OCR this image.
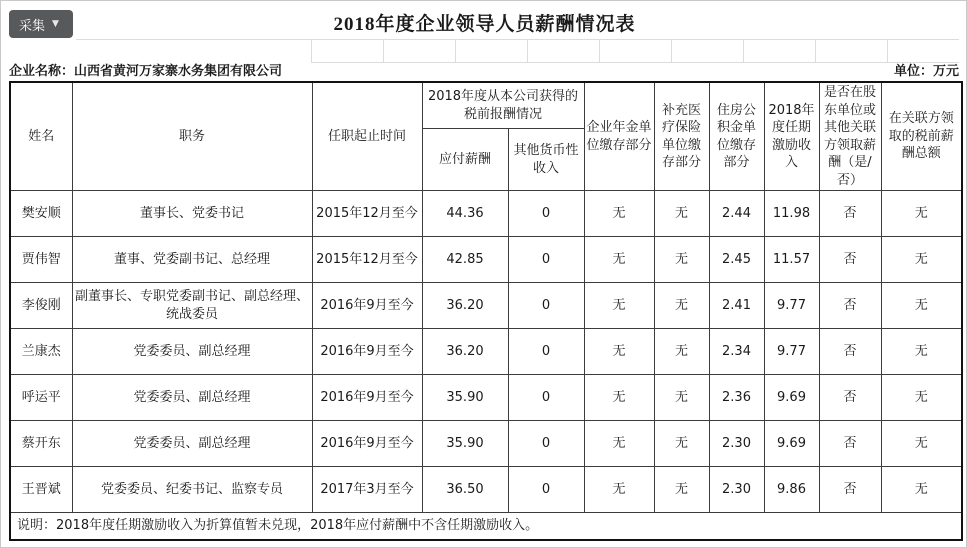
2018年度企业领导人员薪酬情况表
采集 ▼
企业名称：山西省黄河万家寨水务集团有限公司	单位：万元
姓名	职务	任职起止时间	2018年度从本公司获得的税前报酬情况		企业年金单位缴存部分	补充医疗保险单位缴存部分	住房公积金单位缴存部分	2018年度任期激励收入	是否在股东单位或其他关联方领取薪酬（是/否）	在关联方领取的税前薪酬总额
			应付薪酬	其他货币性收入						
樊安顺	董事长、党委书记	2015年12月至今	44.36	0	无	无	2.44	11.98	否	无
贾伟智	董事、党委副书记、总经理	2015年12月至今	42.85	0	无	无	2.45	11.57	否	无
李俊刚	副董事长、专职党委副书记、副总经理、统战委员	2016年9月至今	36.20	0	无	无	2.41	9.77	否	无
兰康杰	党委委员、副总经理	2016年9月至今	36.20	0	无	无	2.34	9.77	否	无
呼运平	党委委员、副总经理	2016年9月至今	35.90	0	无	无	2.36	9.69	否	无
蔡开东	党委委员、副总经理	2016年9月至今	35.90	0	无	无	2.30	9.69	否	无
王晋斌	党委委员、纪委书记、监察专员	2017年3月至今	36.50	0	无	无	2.30	9.86	否	无
说明：2018年度任期激励收入为折算值暂未兑现，2018年应付薪酬中不含任期激励收入。										
